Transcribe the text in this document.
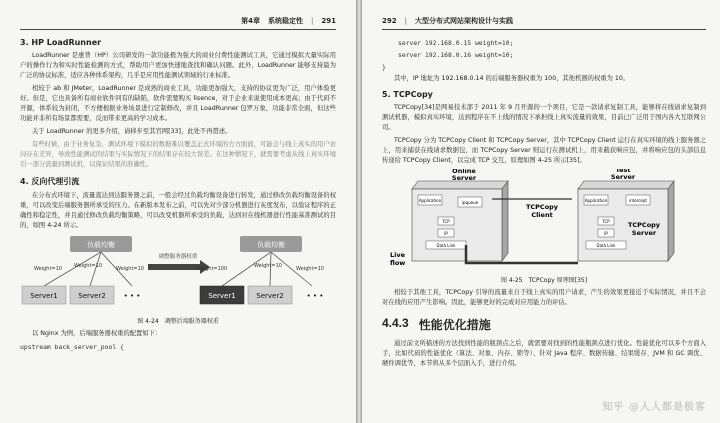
第4章 系统稳定性 | 291
3. HP LoadRunner

LoadRunner 是惠普（HP）公司研发的一款功能极为强大的商业付费性能测试工具，它通过模拟大量实际用户的操作行为和实时性能检测的方式，帮助用户更加快速地查找和确认问题。此外，LoadRunner 能够支持最为广泛的协议标准，适应各种体系架构，几乎是应用性能测试领域的行业标准。

相较于 ab 和 JMeter，LoadRunner 是成熟的商业工具，功能更加强大，支持的协议更为广泛，用户体验更好。但是，它也具备所有商业软件同有的缺陷，软件需要购买 lisence，对于企业来说使用成本更高；由于代码不开源，体系较为封闭，不方便根据业务场景进行定制修改，并且 LoadRunner 包罗万象，功能非常全面，但这些功能并非所有场景都需要，反而带来更高的学习成本。

关于 LoadRunner 的更多介绍，请移步至其官网[33]，此处不再赘述。

有些时候，由于业务复杂，测试环境下模拟的数据难以覆盖正式环境的方方面面，可能会与线上真实的用户访问存在差异，导致性能测试的结果与实际情况下的结果存在较大误差。在这种情况下，就需要考虑从线上真实环境引一部分流量到测试机，以保证结果的准确性。

4. 反向代理引流

在分布式环境下，流量直达到达服务器之前，一般会经过负载均衡设备进行转发，通过修改负载均衡设备的权重，可以改变后端服务器所承受的压力。在新版本发布之前，可以先对少部分机器进行灰度发布，以验证程序的正确性和稳定性，并且通过修改负载均衡策略，可以改变机器所承受的负载，达到对在线机器进行性能基准测试的目的，如图 4-24 所示。

负载均衡
Weight=10 Weight=10	Weight=10
Server1	Server2	• • •
调整服务器权重
负载均衡
Weight=100	Weight=10	Weight=10
Server1	Server2	• • •
图 4-24　调整后端服务器权重

以 Nginx 为例，后端服务器权重的配置如下：

upstream back_server_pool {
292 | 大型分布式网站架构设计与实践
server 192.168.0.15 weight=10;
server 192.168.0.16 weight=10;
}

其中，IP 地址为 192.168.0.14 的后端服务器权重为 100，其他机器的权重为 10。

5. TCPCopy

TCPCopy[34]是网易技术部于 2011 年 9 月开源的一个项目，它是一款请求复制工具，能够将在线请求复制到测试机器，模拟真实环境，达到程序在不上线的情况下承担线上真实流量的效果，目前已广泛用于国内各大互联网公司。

TCPCopy 分为 TCPCopy Client 和 TCPCopy Server，其中 TCPCopy Client 运行在真实环境的线上服务器之上，用来捕获在线请求数据包，而 TCPCopy Server 则运行在测试机上，用来截获响应包，并将响应包的头部信息传递给 TCPCopy Client，以完成 TCP 交互，原理如图 4-25 所示[35]。

Online Server
Application	ipqueue
TCP
IP
Data Link
Application	intercept
TCP
IP
Data Link
TCPCopy
Client
TCPCopy
Server
Live
flow
Test Server
图 4-25　TCPCopy 原理图[35]

相较于其他工具，TCPCopy 引导的流量来自于线上真实的用户请求，产生的效果更接近于实际情况，并且不会对在线的应用产生影响。因此，能够更好的完成对应用能力的评估。

4.4.3 性能优化措施

通过前文所描述的方法找到性能的瓶颈点之后，就需要对找到的性能瓶颈点进行优化。性能优化可以多个方面入手，比如代码的性能优化（算法、对象、内存、锁等）、针对 Java 程序、数据传输、结果缓存、JVM 和 GC 调优、硬件调优等，本节将从多个层面入手，进行介绍。

知乎 @人人都是极客
